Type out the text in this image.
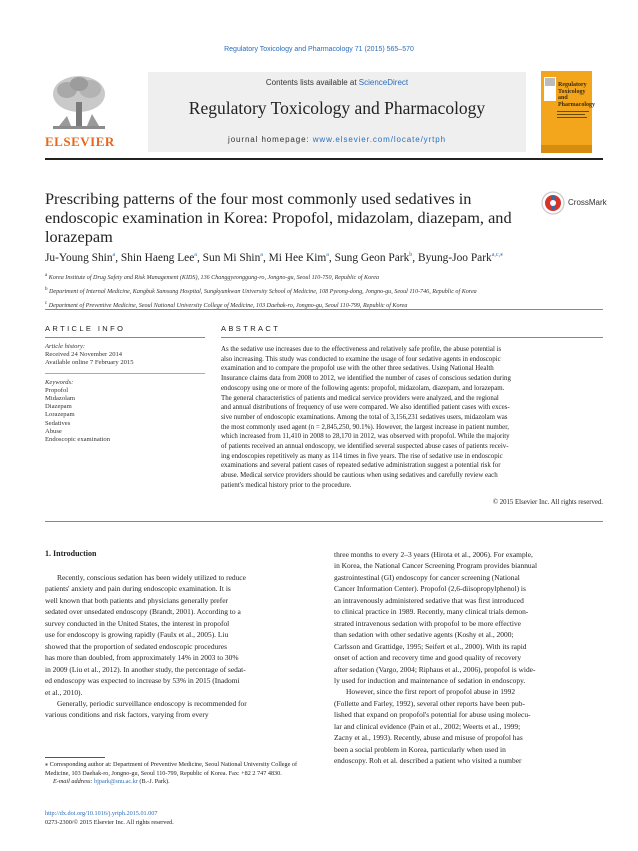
Regulatory Toxicology and Pharmacology 71 (2015) 565–570
ELSEVIER
Contents lists available at ScienceDirect
Regulatory Toxicology and Pharmacology
journal homepage: www.elsevier.com/locate/yrtph
Regulatory Toxicology and Pharmacology
Prescribing patterns of the four most commonly used sedatives in
endoscopic examination in Korea: Propofol, midazolam, diazepam, and
lorazepam
CrossMark
Ju-Young Shin$^a$, Shin Haeng Lee$^a$, Sun Mi Shin$^a$, Mi Hee Kim$^a$, Sung Geon Park$^b$, Byung-Joo Park$^{a,c,⁎}$
$^a$ Korea Institute of Drug Safety and Risk Management (KIDS), 136 Changgyeonggung-ro, Jongno-gu, Seoul 110-750, Republic of Korea
$^b$ Department of Internal Medicine, Kangbuk Samsung Hospital, Sungkyunkwan University School of Medicine, 108 Pyeong-dong, Jongno-gu, Seoul 110-746, Republic of Korea
$^c$ Department of Preventive Medicine, Seoul National University College of Medicine, 103 Daehak-ro, Jongno-gu, Seoul 110-799, Republic of Korea
ARTICLE INFO
Article history:
Received 24 November 2014
Available online 7 February 2015
Keywords:
Propofol
Midazolam
Diazepam
Lorazepam
Sedatives
Abuse
Endoscopic examination
ABSTRACT
As the sedative use increases due to the effectiveness and relatively safe profile, the abuse potential is
also increasing. This study was conducted to examine the usage of four sedative agents in endoscopic
examination and to compare the propofol use with the other three sedatives. Using National Health
Insurance claims data from 2008 to 2012, we identified the number of cases of conscious sedation during
endoscopy using one or more of the following agents: propofol, midazolam, diazepam, and lorazepam.
The general characteristics of patients and medical service providers were analyzed, and the regional
and annual distributions of frequency of use were compared. We also identified patient cases with exces-
sive number of endoscopic examinations. Among the total of 3,156,231 sedatives users, midazolam was
the most commonly used agent (n = 2,845,250, 90.1%). However, the largest increase in patient number,
which increased from 11,410 in 2008 to 28,170 in 2012, was observed with propofol. While the majority
of patients received an annual endoscopy, we identified several suspected abuse cases of patients receiv-
ing endoscopies repetitively as many as 114 times in five years. The rise of sedative use in endoscopic
examinations and several patient cases of repeated sedative administration suggest a potential risk for
abuse. Medical service providers should be cautious when using sedatives and carefully review each
patient's medical history prior to the procedure.
© 2015 Elsevier Inc. All rights reserved.
1. Introduction
Recently, conscious sedation has been widely utilized to reduce
patients' anxiety and pain during endoscopic examination. It is
well known that both patients and physicians generally prefer
sedated over unsedated endoscopy (Brandt, 2001). According to a
survey conducted in the United States, the interest in propofol
use for endoscopy is growing rapidly (Faulx et al., 2005). Liu
showed that the proportion of sedated endoscopic procedures
has more than doubled, from approximately 14% in 2003 to 30%
in 2009 (Liu et al., 2012). In another study, the percentage of sedat-
ed endoscopy was expected to increase by 53% in 2015 (Inadomi
et al., 2010).
Generally, periodic surveillance endoscopy is recommended for
various conditions and risk factors, varying from every
three months to every 2–3 years (Hirota et al., 2006). For example,
in Korea, the National Cancer Screening Program provides biannual
gastrointestinal (GI) endoscopy for cancer screening (National
Cancer Information Center). Propofol (2,6-diisopropylphenol) is
an intravenously administered sedative that was first introduced
to clinical practice in 1989. Recently, many clinical trials demon-
strated intravenous sedation with propofol to be more effective
than sedation with other sedative agents (Koshy et al., 2000;
Carlsson and Grattidge, 1995; Seifert et al., 2000). With its rapid
onset of action and recovery time and good quality of recovery
after sedation (Vargo, 2004; Riphaus et al., 2006), propofol is wide-
ly used for induction and maintenance of sedation in endoscopy.
However, since the first report of propofol abuse in 1992
(Follette and Farley, 1992), several other reports have been pub-
lished that expand on propofol's potential for abuse using molecu-
lar and clinical evidence (Pain et al., 2002; Weerts et al., 1999;
Zacny et al., 1993). Recently, abuse and misuse of propofol has
been a social problem in Korea, particularly when used in
endoscopy. Roh et al. described a patient who visited a number
⁎ Corresponding author at: Department of Preventive Medicine, Seoul National University College of Medicine, 103 Daehak-ro, Jongno-gu, Seoul 110-799, Republic of Korea. Fax: +82 2 747 4830.
E-mail address: bjpark@snu.ac.kr (B.-J. Park).
http://dx.doi.org/10.1016/j.yrtph.2015.01.007
0273-2300/© 2015 Elsevier Inc. All rights reserved.
